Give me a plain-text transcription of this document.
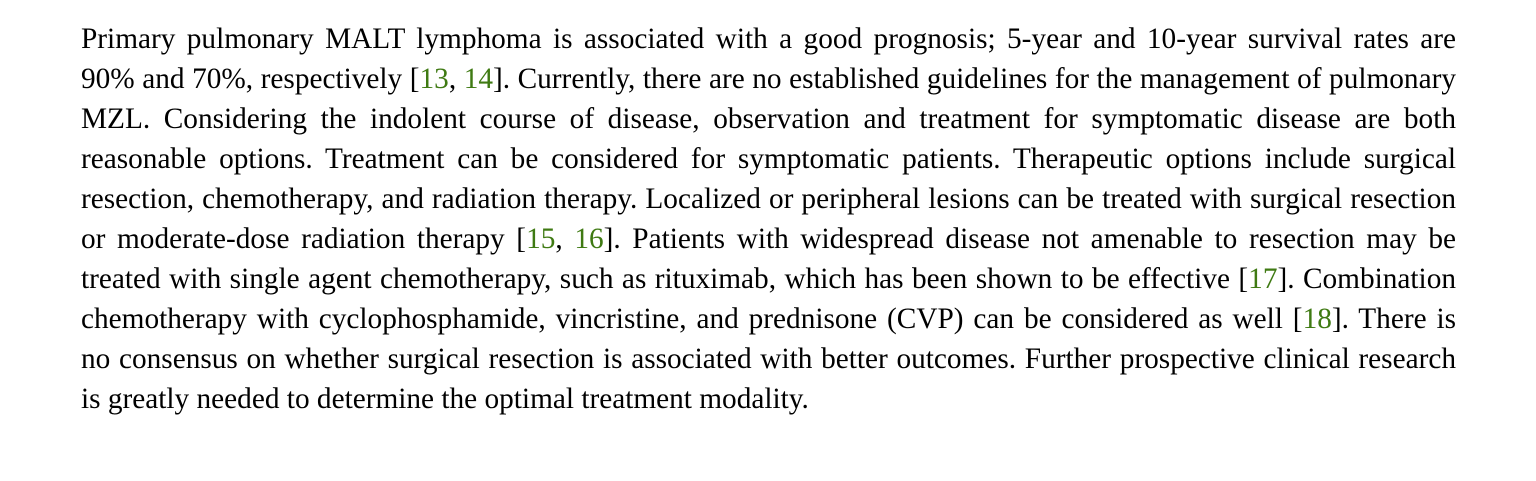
Primary pulmonary MALT lymphoma is associated with a good prognosis; 5-year and 10-year survival rates are 90% and 70%, respectively [13, 14]. Currently, there are no established guidelines for the management of pulmonary MZL. Considering the indolent course of disease, observation and treatment for symptomatic disease are both reasonable options. Treatment can be considered for symptomatic patients. Therapeutic options include surgical resection, chemotherapy, and radiation therapy. Localized or peripheral lesions can be treated with surgical resection or moderate-dose radiation therapy [15, 16]. Patients with widespread disease not amenable to resection may be treated with single agent chemotherapy, such as rituximab, which has been shown to be effective [17]. Combination chemotherapy with cyclophosphamide, vincristine, and prednisone (CVP) can be considered as well [18]. There is no consensus on whether surgical resection is associated with better outcomes. Further prospective clinical research is greatly needed to determine the optimal treatment modality.
